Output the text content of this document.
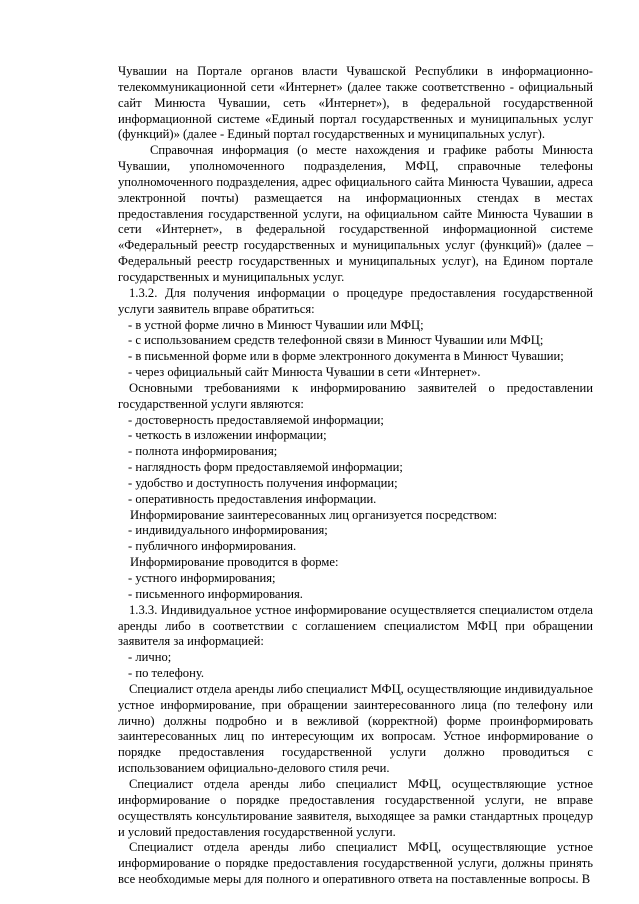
Чувашии на Портале органов власти Чувашской Республики в информационно-телекоммуникационной сети «Интернет» (далее также соответственно - официальный сайт Минюста Чувашии, сеть «Интернет»), в федеральной государственной информационной системе «Единый портал государственных и муниципальных услуг (функций)» (далее - Единый портал государственных и муниципальных услуг).

Справочная информация (о месте нахождения и графике работы Минюста Чувашии, уполномоченного подразделения, МФЦ, справочные телефоны уполномоченного подразделения, адрес официального сайта Минюста Чувашии, адреса электронной почты) размещается на информационных стендах в местах предоставления государственной услуги, на официальном сайте Минюста Чувашии в сети «Интернет», в федеральной государственной информационной системе «Федеральный реестр государственных и муниципальных услуг (функций)» (далее – Федеральный реестр государственных и муниципальных услуг), на Едином портале государственных и муниципальных услуг.

1.3.2. Для получения информации о процедуре предоставления государственной услуги заявитель вправе обратиться:

- в устной форме лично в Минюст Чувашии или МФЦ;

- с использованием средств телефонной связи в Минюст Чувашии или МФЦ;

- в письменной форме или в форме электронного документа в Минюст Чувашии;

- через официальный сайт Минюста Чувашии в сети «Интернет».

Основными требованиями к информированию заявителей о предоставлении государственной услуги являются:

- достоверность предоставляемой информации;

- четкость в изложении информации;

- полнота информирования;

- наглядность форм предоставляемой информации;

- удобство и доступность получения информации;

- оперативность предоставления информации.

Информирование заинтересованных лиц организуется посредством:

- индивидуального информирования;

- публичного информирования.

Информирование проводится в форме:

- устного информирования;

- письменного информирования.

1.3.3. Индивидуальное устное информирование осуществляется специалистом отдела аренды либо в соответствии с соглашением специалистом МФЦ при обращении заявителя за информацией:

- лично;

- по телефону.

Специалист отдела аренды либо специалист МФЦ, осуществляющие индивидуальное устное информирование, при обращении заинтересованного лица (по телефону или лично) должны подробно и в вежливой (корректной) форме проинформировать заинтересованных лиц по интересующим их вопросам. Устное информирование о порядке предоставления государственной услуги должно проводиться с использованием официально-делового стиля речи.

Специалист отдела аренды либо специалист МФЦ, осуществляющие устное информирование о порядке предоставления государственной услуги, не вправе осуществлять консультирование заявителя, выходящее за рамки стандартных процедур и условий предоставления государственной услуги.

Специалист отдела аренды либо специалист МФЦ, осуществляющие устное информирование о порядке предоставления государственной услуги, должны принять все необходимые меры для полного и оперативного ответа на поставленные вопросы. В
